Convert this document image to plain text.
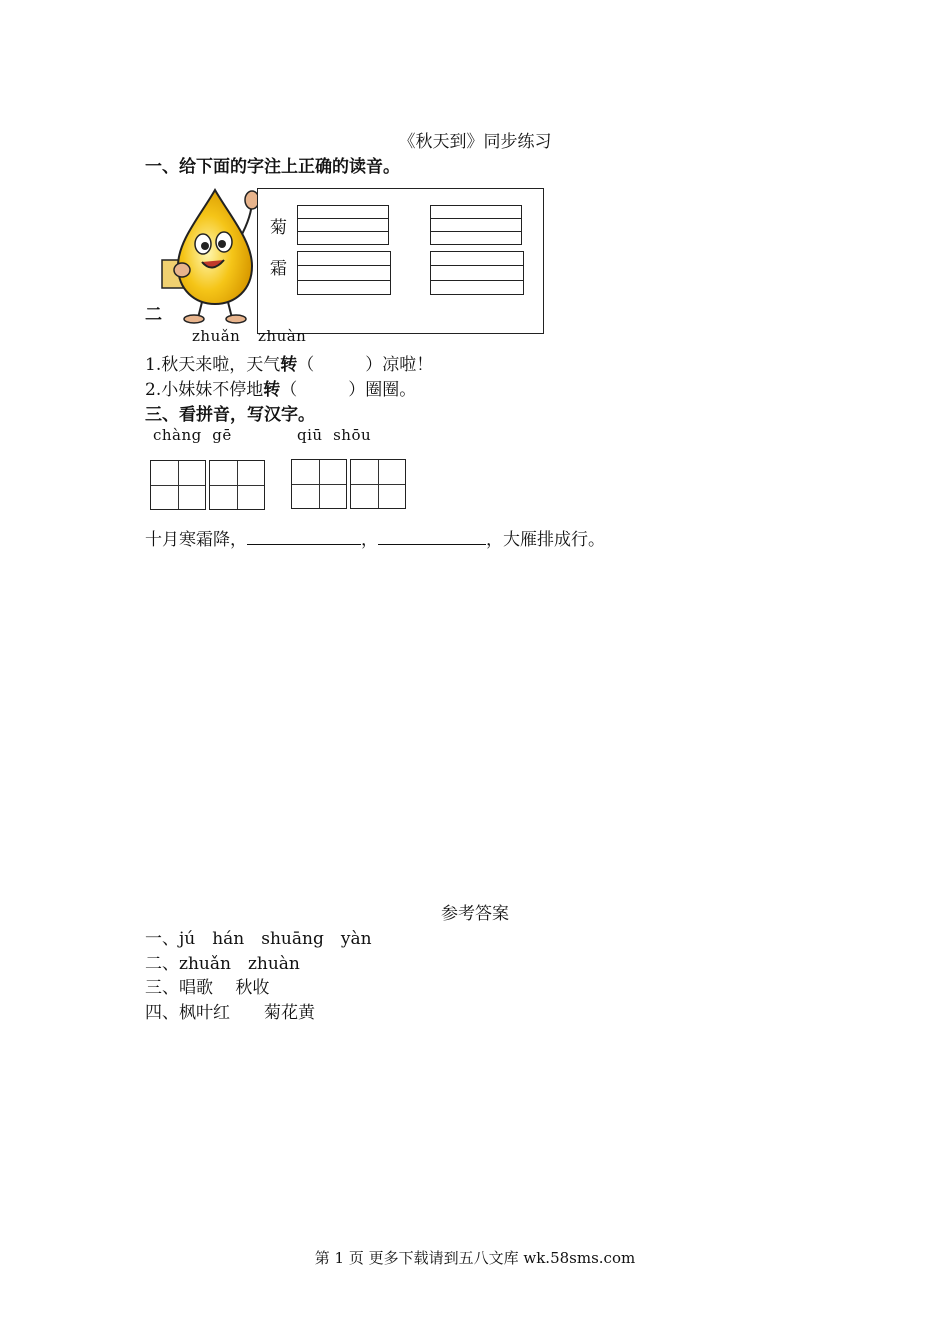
《秋天到》同步练习
一、给下面的字注上正确的读音。
菊
霜
二
zhuǎn zhuàn
1.秋天来啦，天气转（　　　）凉啦！
2.小妹妹不停地转（　　　）圈圈。
三、看拼音，写汉字。
chàng  gē	qiū  shōu
十月寒霜降，	，	，大雁排成行。
参考答案
一、jú　hán　shuāng　yàn
二、zhuǎn　zhuàn
三、唱歌　 秋收
四、枫叶红　　菊花黄
第 1 页 更多下载请到五八文库 wk.58sms.com
